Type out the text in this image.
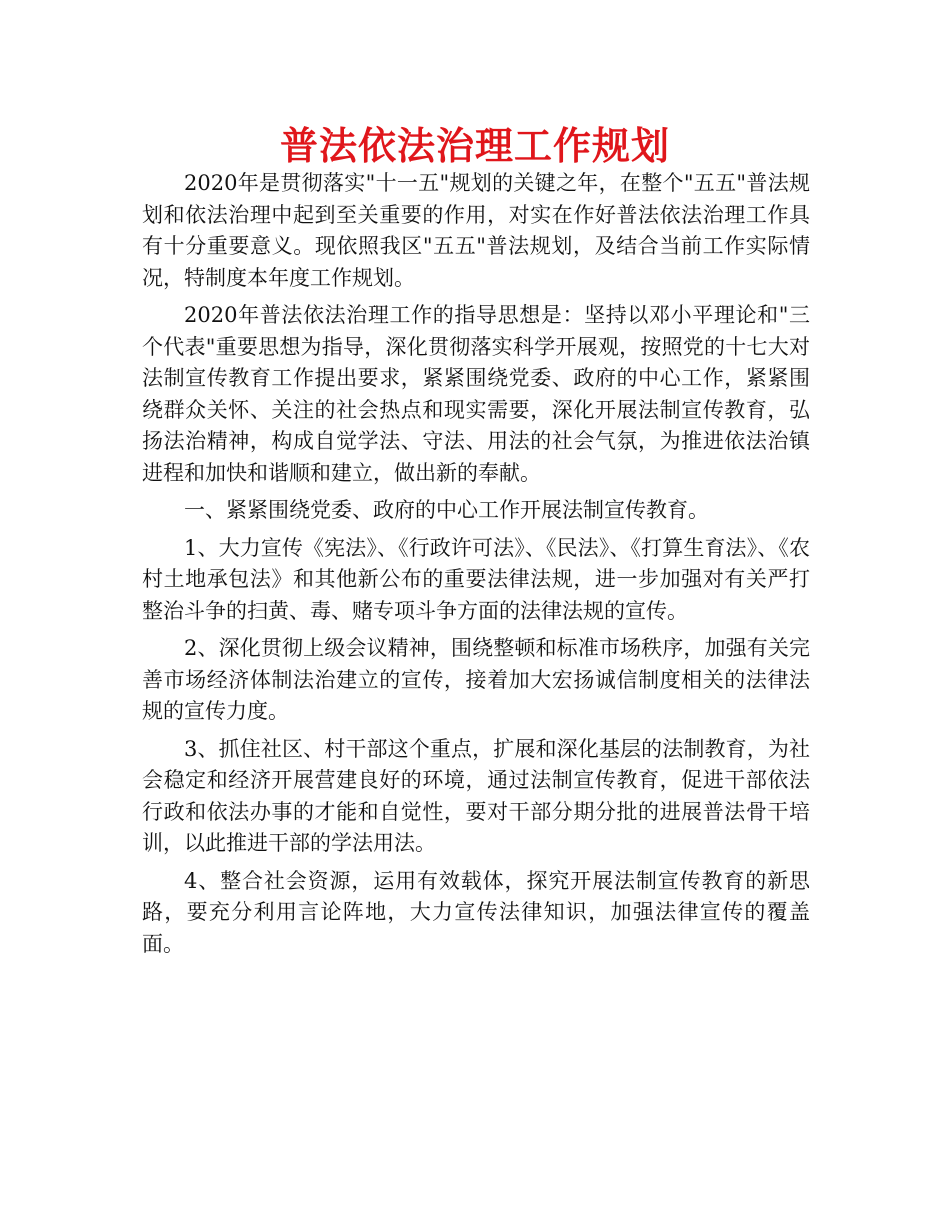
普法依法治理工作规划

2020年是贯彻落实"十一五"规划的关键之年，在整个"五五"普法规划和依法治理中起到至关重要的作用，对实在作好普法依法治理工作具有十分重要意义。现依照我区"五五"普法规划，及结合当前工作实际情况，特制度本年度工作规划。

2020年普法依法治理工作的指导思想是：坚持以邓小平理论和"三个代表"重要思想为指导，深化贯彻落实科学开展观，按照党的十七大对法制宣传教育工作提出要求，紧紧围绕党委、政府的中心工作，紧紧围绕群众关怀、关注的社会热点和现实需要，深化开展法制宣传教育，弘扬法治精神，构成自觉学法、守法、用法的社会气氛，为推进依法治镇进程和加快和谐顺和建立，做出新的奉献。

一、紧紧围绕党委、政府的中心工作开展法制宣传教育。

1、大力宣传《宪法》、《行政许可法》、《民法》、《打算生育法》、《农村土地承包法》和其他新公布的重要法律法规，进一步加强对有关严打整治斗争的扫黄、毒、赌专项斗争方面的法律法规的宣传。

2、深化贯彻上级会议精神，围绕整顿和标准市场秩序，加强有关完善市场经济体制法治建立的宣传，接着加大宏扬诚信制度相关的法律法规的宣传力度。

3、抓住社区、村干部这个重点，扩展和深化基层的法制教育，为社会稳定和经济开展营建良好的环境，通过法制宣传教育，促进干部依法行政和依法办事的才能和自觉性，要对干部分期分批的进展普法骨干培训，以此推进干部的学法用法。

4、整合社会资源，运用有效载体，探究开展法制宣传教育的新思路，要充分利用言论阵地，大力宣传法律知识，加强法律宣传的覆盖面。
